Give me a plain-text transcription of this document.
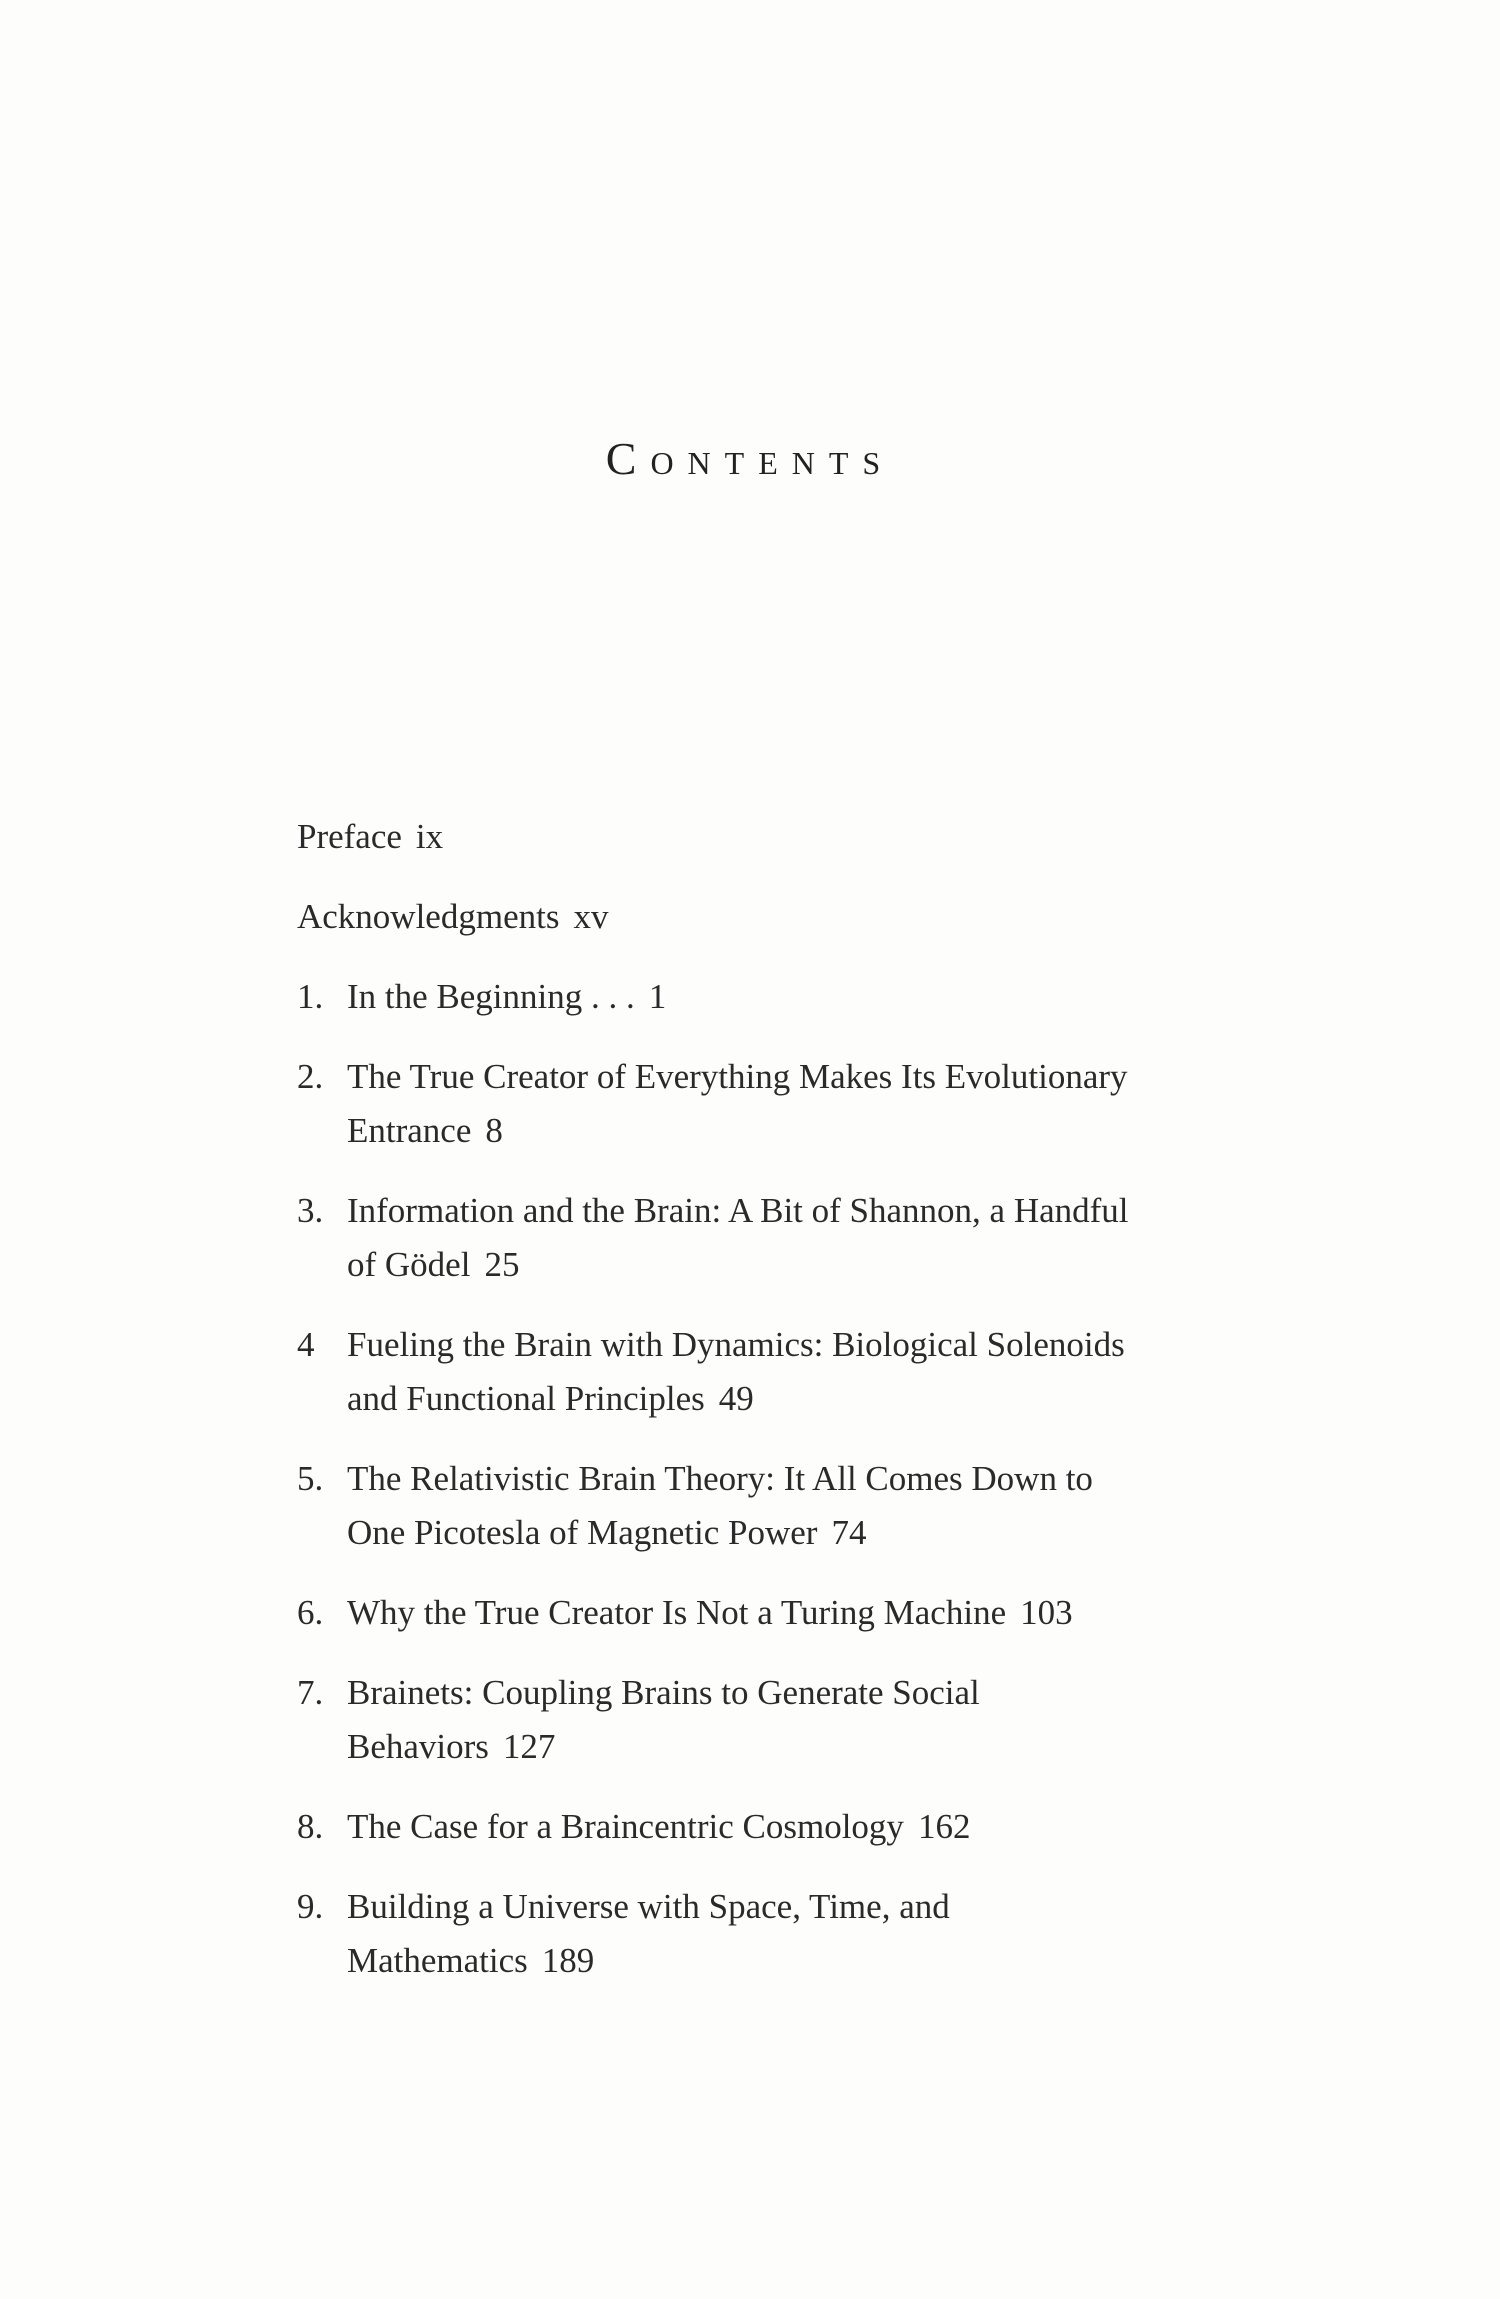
Contents
Preface ix
Acknowledgments xv
1. In the Beginning . . . 1
2. The True Creator of Everything Makes Its Evolutionary
Entrance 8
3. Information and the Brain: A Bit of Shannon, a Handful
of Gödel 25
4 Fueling the Brain with Dynamics: Biological Solenoids
and Functional Principles 49
5. The Relativistic Brain Theory: It All Comes Down to
One Picotesla of Magnetic Power 74
6. Why the True Creator Is Not a Turing Machine 103
7. Brainets: Coupling Brains to Generate Social
Behaviors 127
8. The Case for a Braincentric Cosmology 162
9. Building a Universe with Space, Time, and
Mathematics 189
